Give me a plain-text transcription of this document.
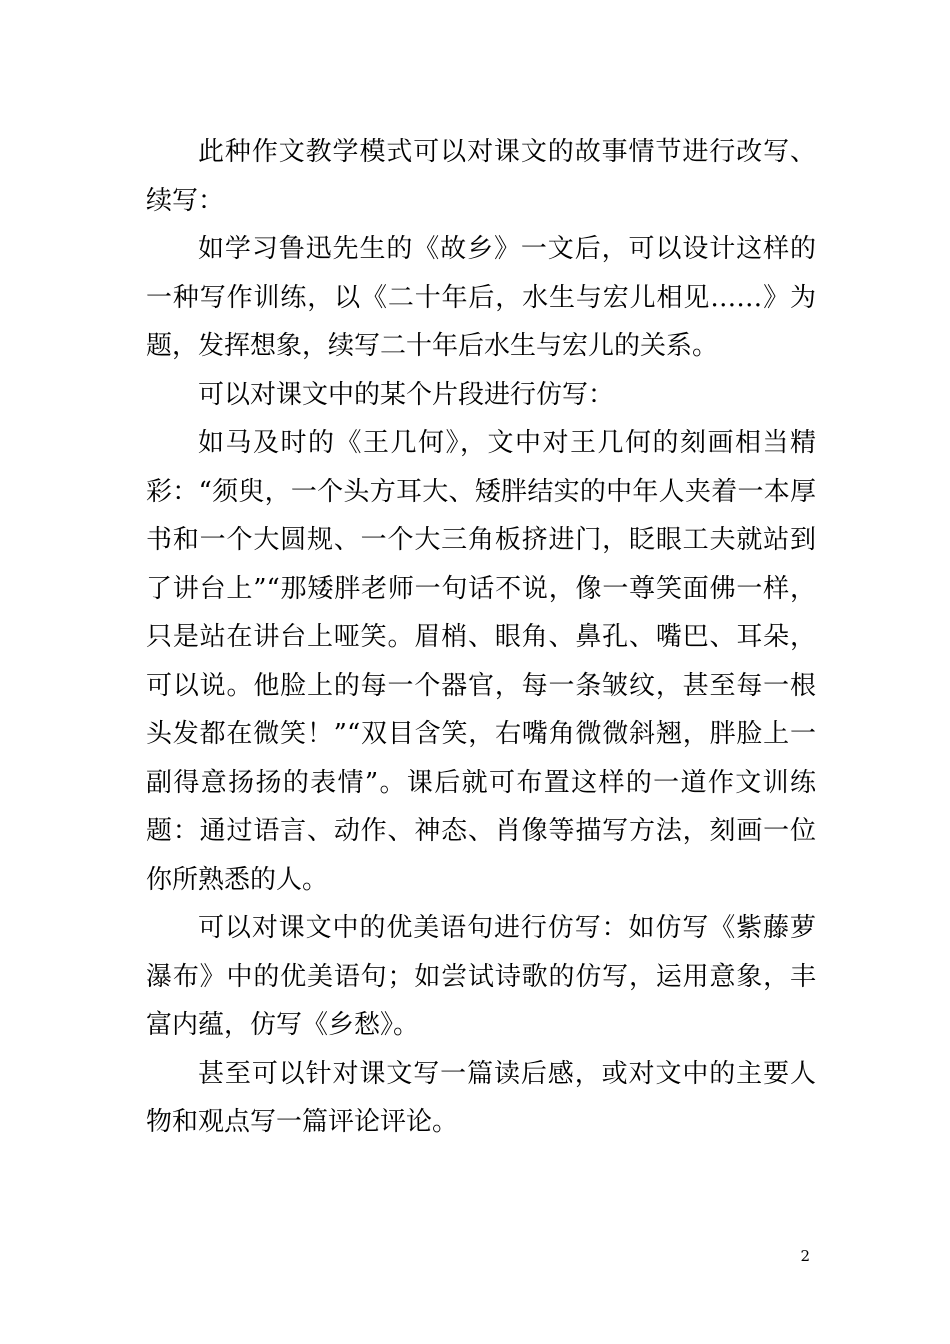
此种作文教学模式可以对课文的故事情节进行改写、续写：

如学习鲁迅先生的《故乡》一文后，可以设计这样的一种写作训练，以《二十年后，水生与宏儿相见……》为题，发挥想象，续写二十年后水生与宏儿的关系。

可以对课文中的某个片段进行仿写：

如马及时的《王几何》，文中对王几何的刻画相当精彩：“须臾，一个头方耳大、矮胖结实的中年人夹着一本厚书和一个大圆规、一个大三角板挤进门，眨眼工夫就站到了讲台上”“那矮胖老师一句话不说，像一尊笑面佛一样，只是站在讲台上哑笑。眉梢、眼角、鼻孔、嘴巴、耳朵，可以说。他脸上的每一个器官，每一条皱纹，甚至每一根头发都在微笑！”“双目含笑，右嘴角微微斜翘，胖脸上一副得意扬扬的表情”。课后就可布置这样的一道作文训练题：通过语言、动作、神态、肖像等描写方法，刻画一位你所熟悉的人。

可以对课文中的优美语句进行仿写：如仿写《紫藤萝瀑布》中的优美语句；如尝试诗歌的仿写，运用意象，丰富内蕴，仿写《乡愁》。

甚至可以针对课文写一篇读后感，或对文中的主要人物和观点写一篇评论评论。

2
